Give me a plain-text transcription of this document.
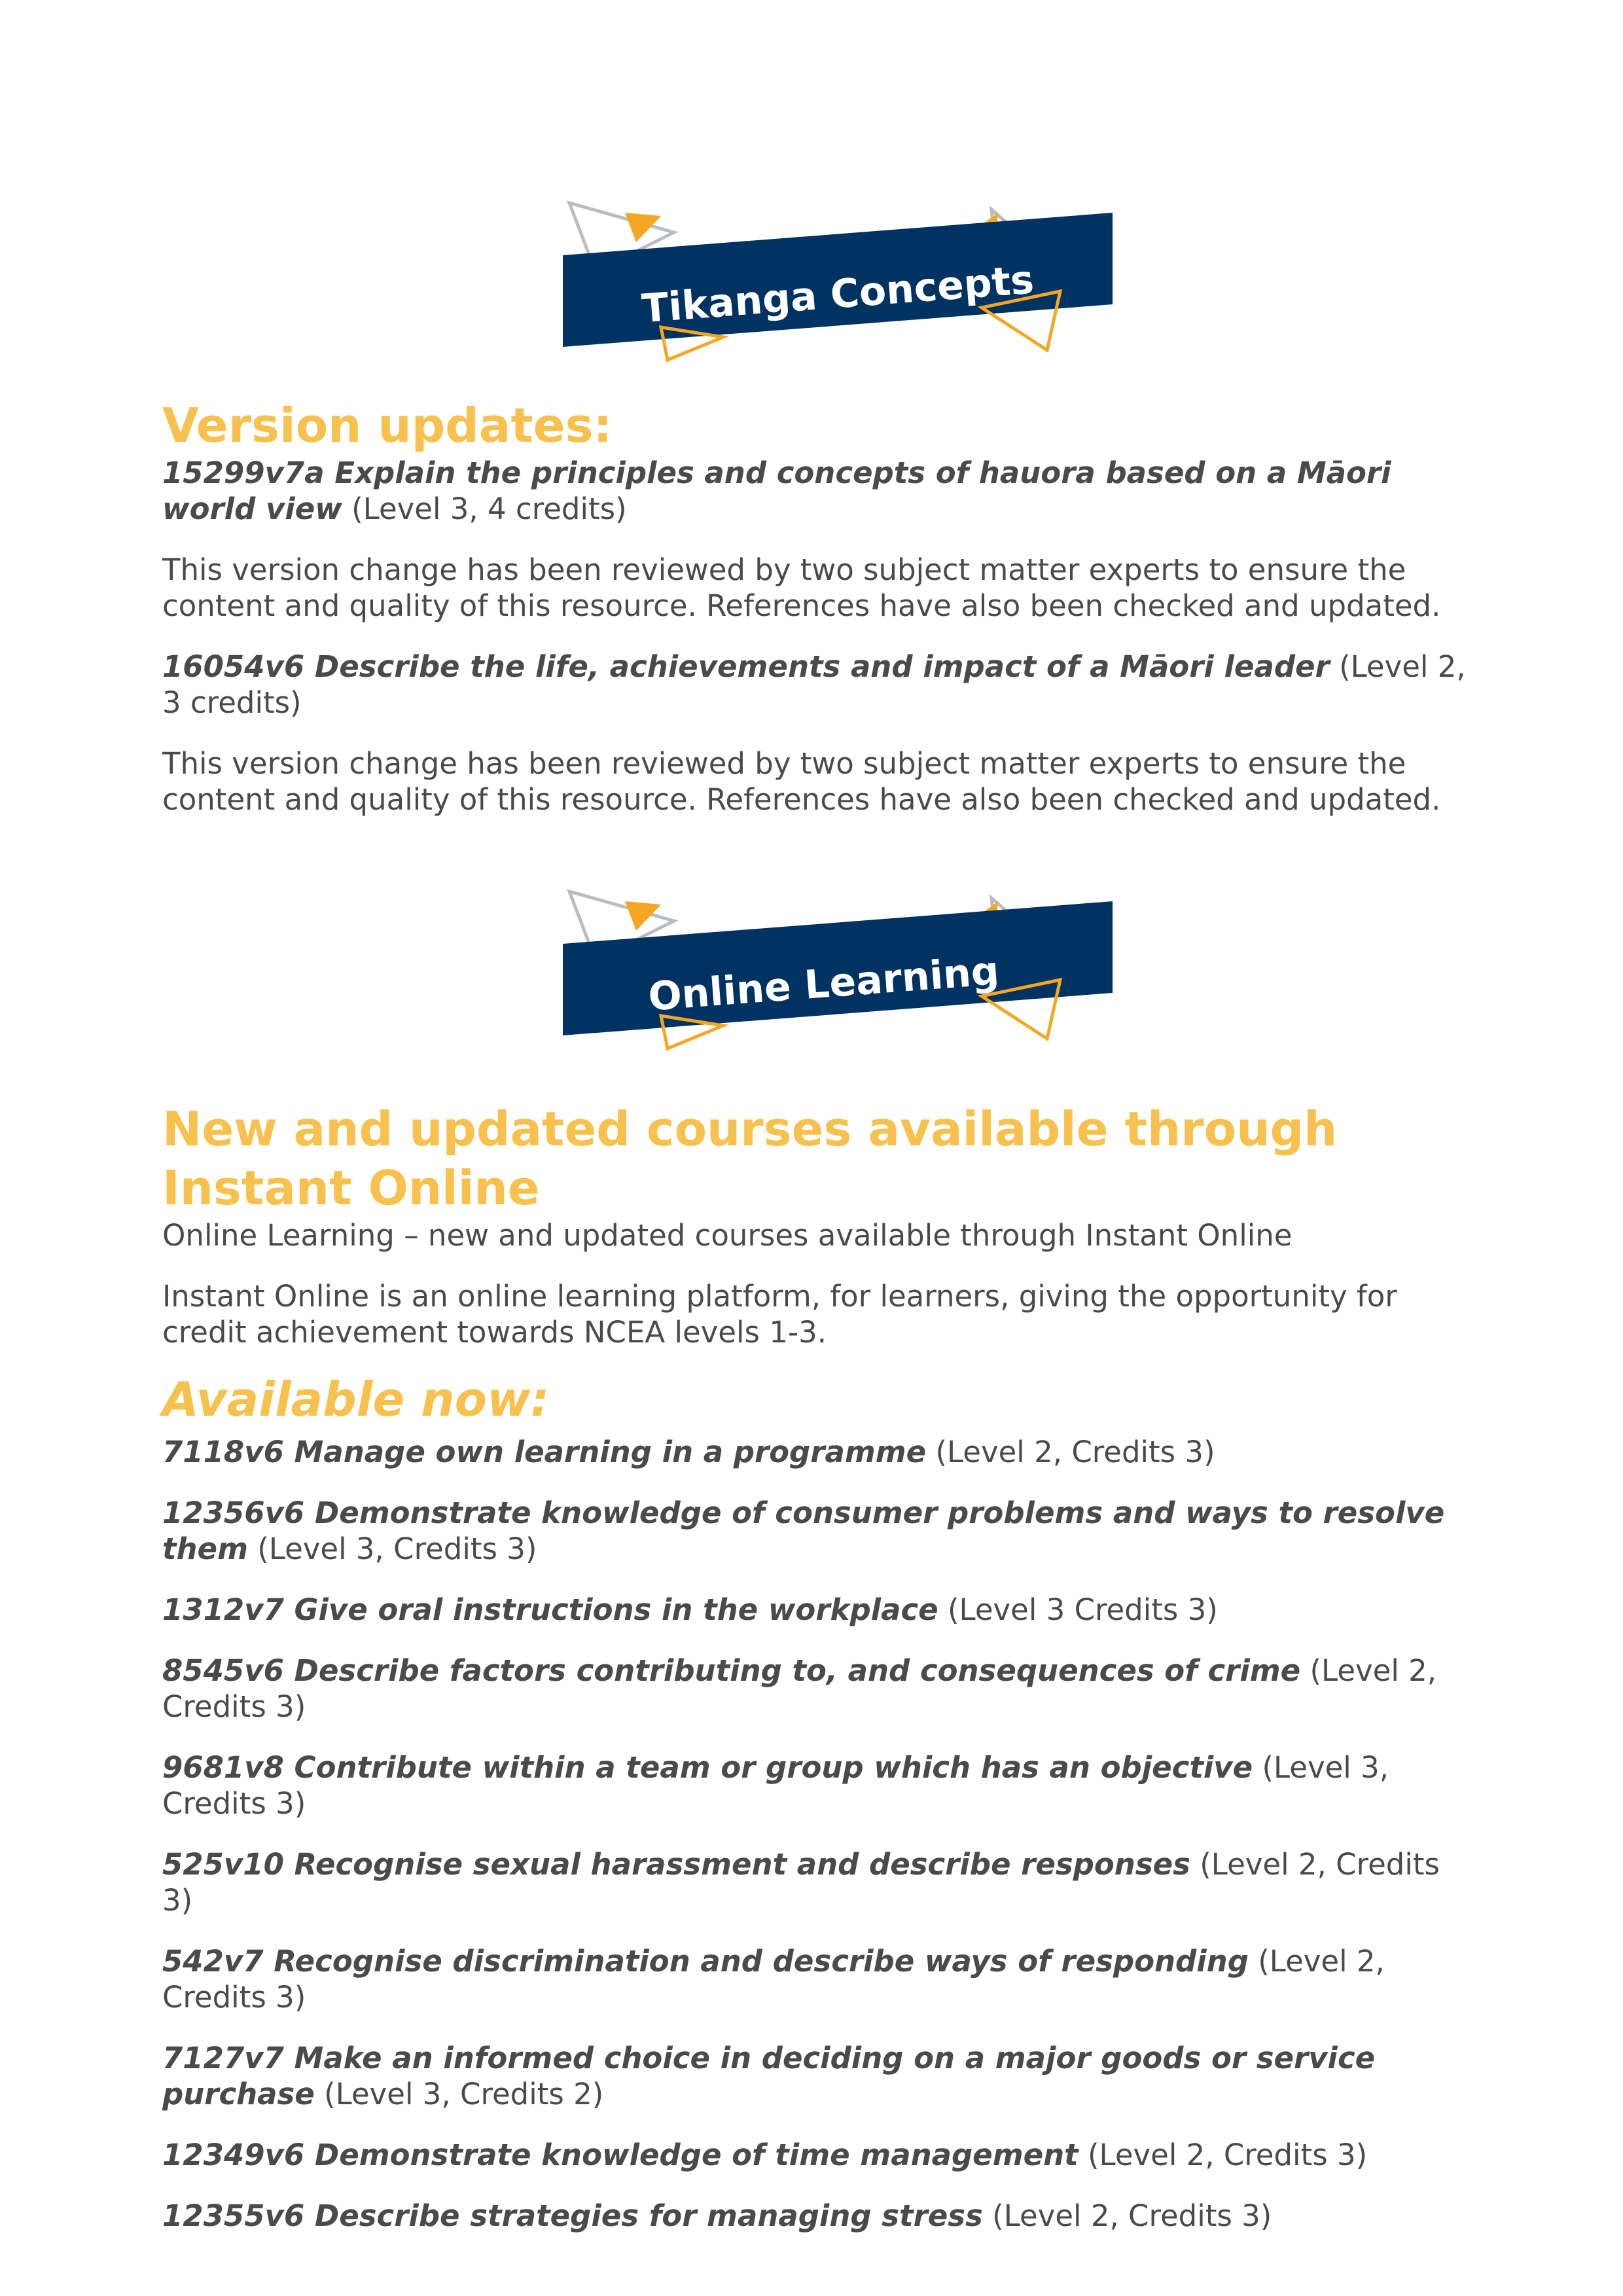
Tikanga Concepts
Version updates:

15299v7a Explain the principles and concepts of hauora based on a Māori world view (Level 3, 4 credits)

This version change has been reviewed by two subject matter experts to ensure the content and quality of this resource. References have also been checked and updated.

16054v6 Describe the life, achievements and impact of a Māori leader (Level 2, 3 credits)

This version change has been reviewed by two subject matter experts to ensure the content and quality of this resource. References have also been checked and updated.

Online Learning
New and updated courses available through Instant Online

Online Learning – new and updated courses available through Instant Online

Instant Online is an online learning platform, for learners, giving the opportunity for credit achievement towards NCEA levels 1-3.

Available now:

7118v6 Manage own learning in a programme (Level 2, Credits 3)

12356v6 Demonstrate knowledge of consumer problems and ways to resolve them (Level 3, Credits 3)

1312v7 Give oral instructions in the workplace (Level 3 Credits 3)

8545v6 Describe factors contributing to, and consequences of crime (Level 2, Credits 3)

9681v8 Contribute within a team or group which has an objective (Level 3, Credits 3)

525v10 Recognise sexual harassment and describe responses (Level 2, Credits 3)

542v7 Recognise discrimination and describe ways of responding (Level 2, Credits 3)

7127v7 Make an informed choice in deciding on a major goods or service purchase (Level 3, Credits 2)

12349v6 Demonstrate knowledge of time management (Level 2, Credits 3)

12355v6 Describe strategies for managing stress (Level 2, Credits 3)
